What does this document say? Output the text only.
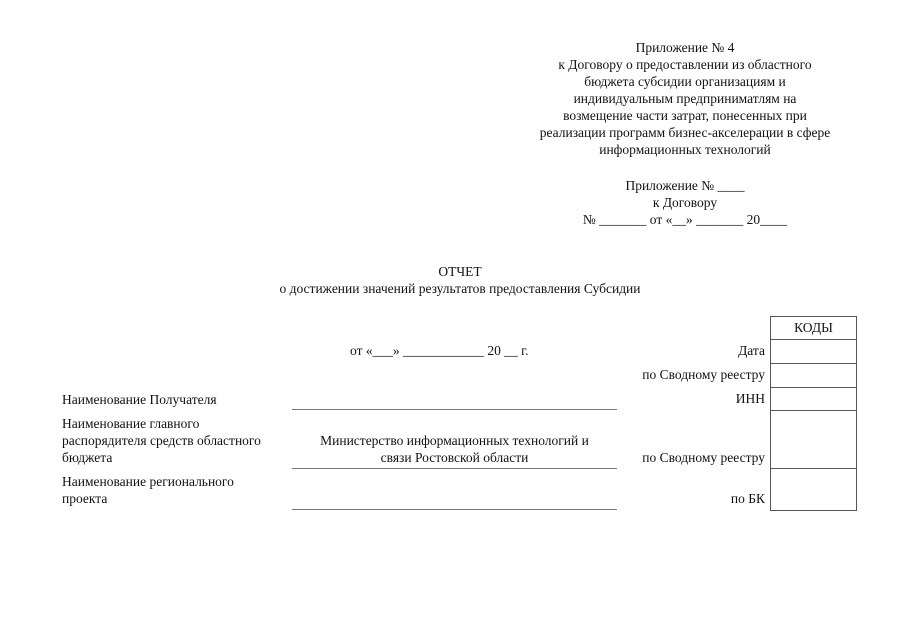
Приложение № 4
к Договору о предоставлении из областного
бюджета субсидии организациям и
индивидуальным предприниматлям на
возмещение части затрат, понесенных при
реализации программ бизнес-акселерации в сфере
информационных технологий
Приложение № ____
к Договору
№ _______ от «__» _______ 20____
ОТЧЕТ
о достижении значений результатов предоставления Субсидии
от «___» ____________ 20 __ г.
КОДЫ
Дата
по Сводному реестру
ИНН
по Сводному реестру
по БК
Наименование Получателя
Наименование главного
распорядителя средств областного
бюджета
Министерство информационных технологий и
связи Ростовской области
Наименование регионального
проекта
